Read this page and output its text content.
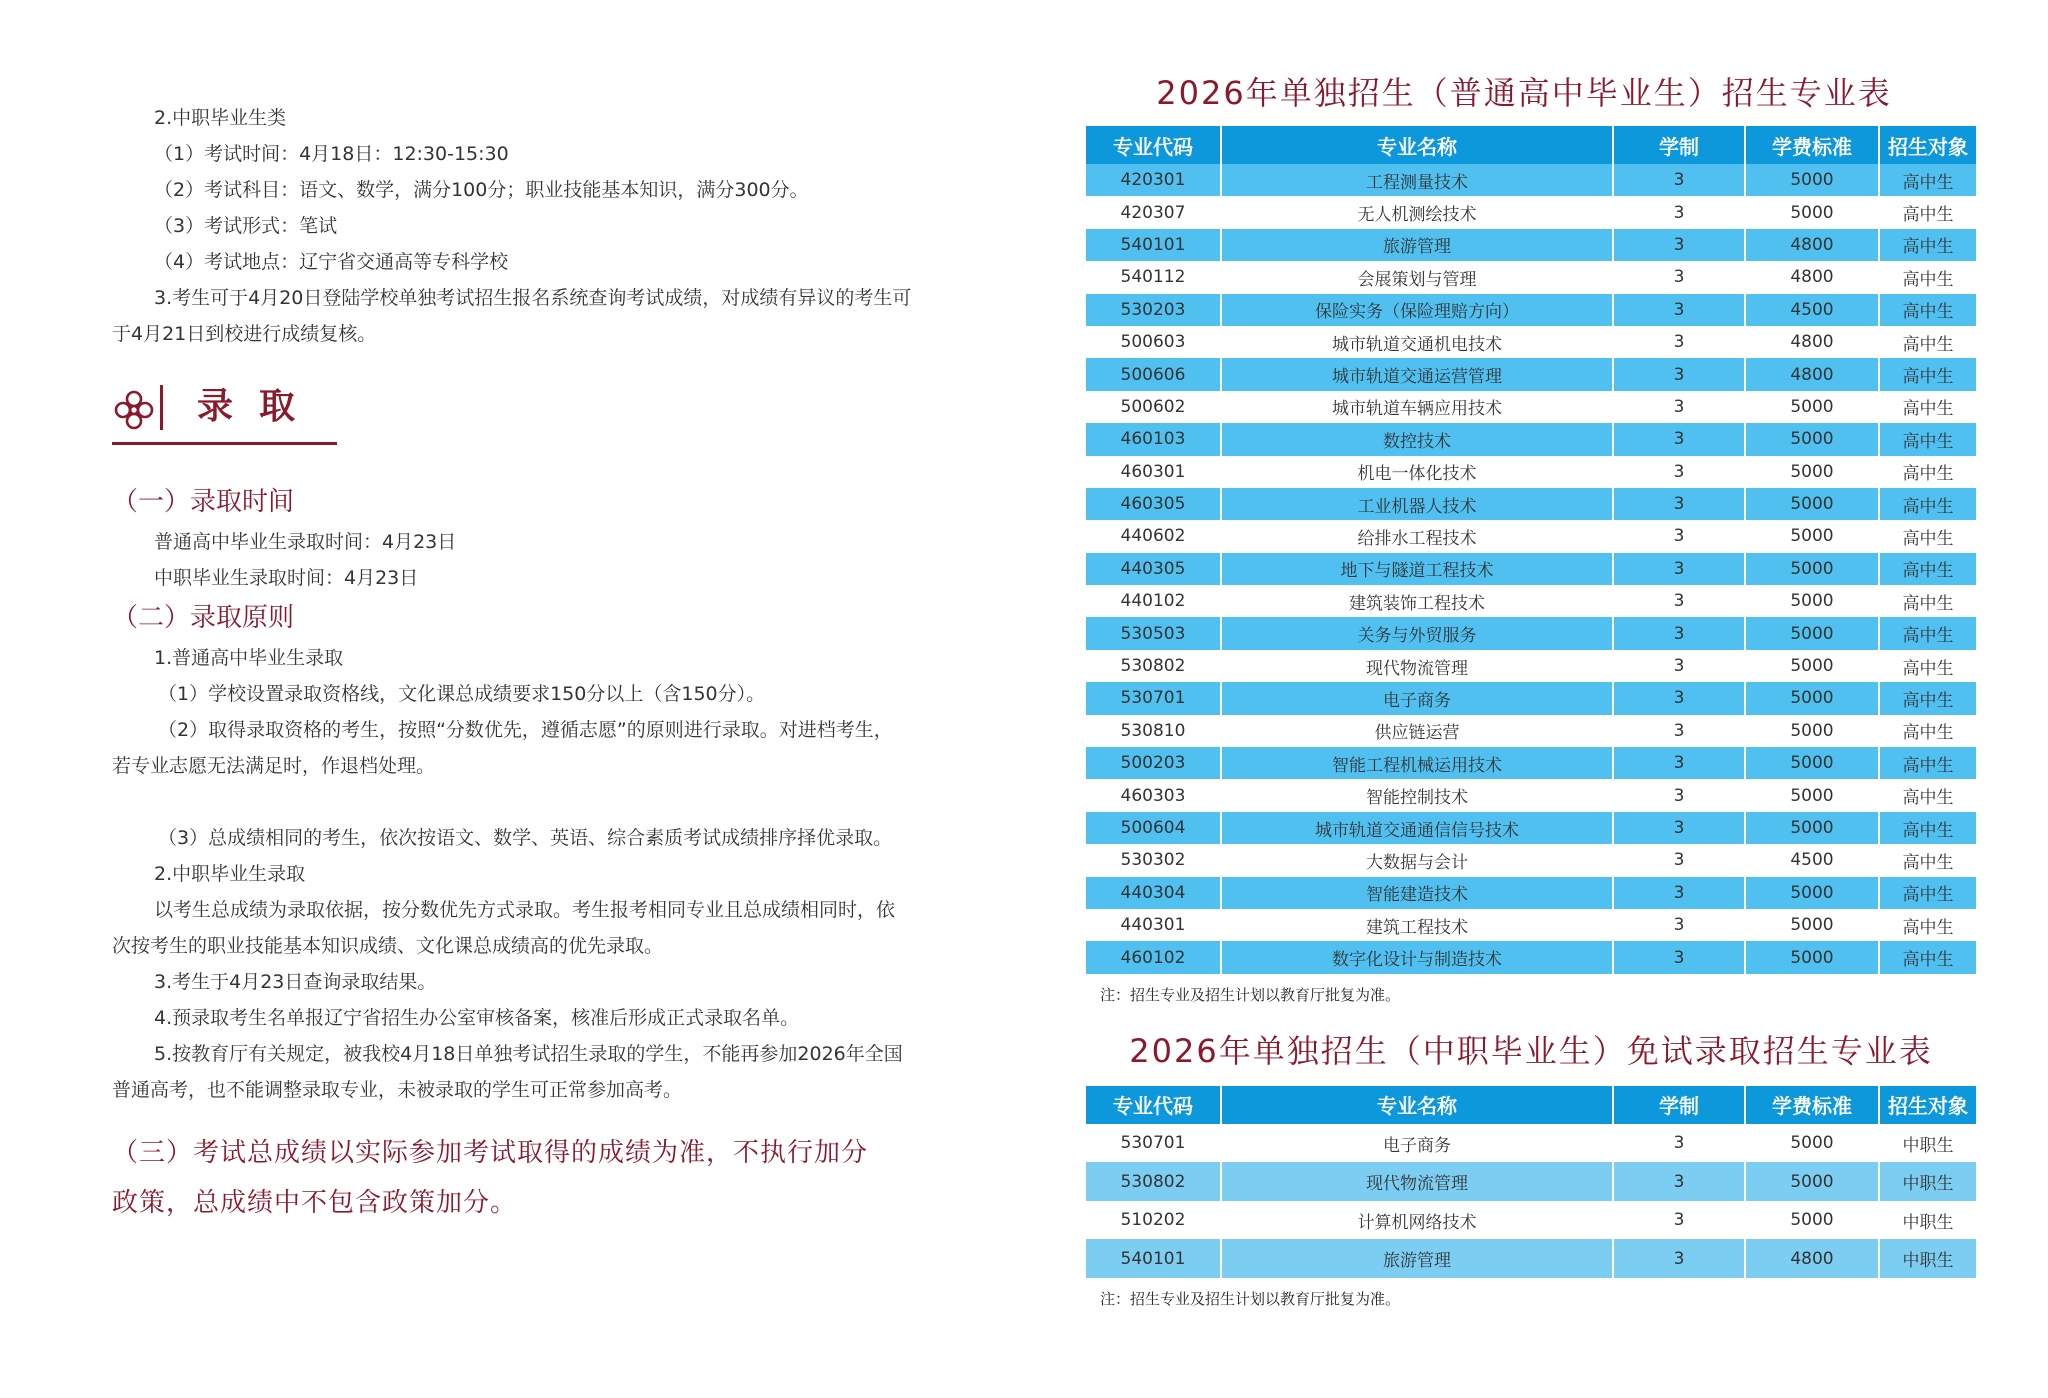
2.中职毕业生类
（1）考试时间：4月18日：12:30-15:30
（2）考试科目：语文、数学，满分100分；职业技能基本知识，满分300分。
（3）考试形式：笔试
（4）考试地点：辽宁省交通高等专科学校
3.考生可于4月20日登陆学校单独考试招生报名系统查询考试成绩，对成绩有异议的考生可
于4月21日到校进行成绩复核。
录取
（一）录取时间
普通高中毕业生录取时间：4月23日
中职毕业生录取时间：4月23日
（二）录取原则
1.普通高中毕业生录取
（1）学校设置录取资格线，文化课总成绩要求150分以上（含150分）。
（2）取得录取资格的考生，按照“分数优先，遵循志愿”的原则进行录取。对进档考生，
若专业志愿无法满足时，作退档处理。
（3）总成绩相同的考生，依次按语文、数学、英语、综合素质考试成绩排序择优录取。
2.中职毕业生录取
以考生总成绩为录取依据，按分数优先方式录取。考生报考相同专业且总成绩相同时，依
次按考生的职业技能基本知识成绩、文化课总成绩高的优先录取。
3.考生于4月23日查询录取结果。
4.预录取考生名单报辽宁省招生办公室审核备案，核准后形成正式录取名单。
5.按教育厅有关规定，被我校4月18日单独考试招生录取的学生，不能再参加2026年全国
普通高考，也不能调整录取专业，未被录取的学生可正常参加高考。
（三）考试总成绩以实际参加考试取得的成绩为准，不执行加分
政策，总成绩中不包含政策加分。
2026年单独招生（普通高中毕业生）招生专业表
专业代码	专业名称	学制	学费标准	招生对象
420301	工程测量技术	3	5000	高中生
420307	无人机测绘技术	3	5000	高中生
540101	旅游管理	3	4800	高中生
540112	会展策划与管理	3	4800	高中生
530203	保险实务（保险理赔方向）	3	4500	高中生
500603	城市轨道交通机电技术	3	4800	高中生
500606	城市轨道交通运营管理	3	4800	高中生
500602	城市轨道车辆应用技术	3	5000	高中生
460103	数控技术	3	5000	高中生
460301	机电一体化技术	3	5000	高中生
460305	工业机器人技术	3	5000	高中生
440602	给排水工程技术	3	5000	高中生
440305	地下与隧道工程技术	3	5000	高中生
440102	建筑装饰工程技术	3	5000	高中生
530503	关务与外贸服务	3	5000	高中生
530802	现代物流管理	3	5000	高中生
530701	电子商务	3	5000	高中生
530810	供应链运营	3	5000	高中生
500203	智能工程机械运用技术	3	5000	高中生
460303	智能控制技术	3	5000	高中生
500604	城市轨道交通通信信号技术	3	5000	高中生
530302	大数据与会计	3	4500	高中生
440304	智能建造技术	3	5000	高中生
440301	建筑工程技术	3	5000	高中生
460102	数字化设计与制造技术	3	5000	高中生
注：招生专业及招生计划以教育厅批复为准。
2026年单独招生（中职毕业生）免试录取招生专业表
专业代码	专业名称	学制	学费标准	招生对象
530701	电子商务	3	5000	中职生
530802	现代物流管理	3	5000	中职生
510202	计算机网络技术	3	5000	中职生
540101	旅游管理	3	4800	中职生
注：招生专业及招生计划以教育厅批复为准。
